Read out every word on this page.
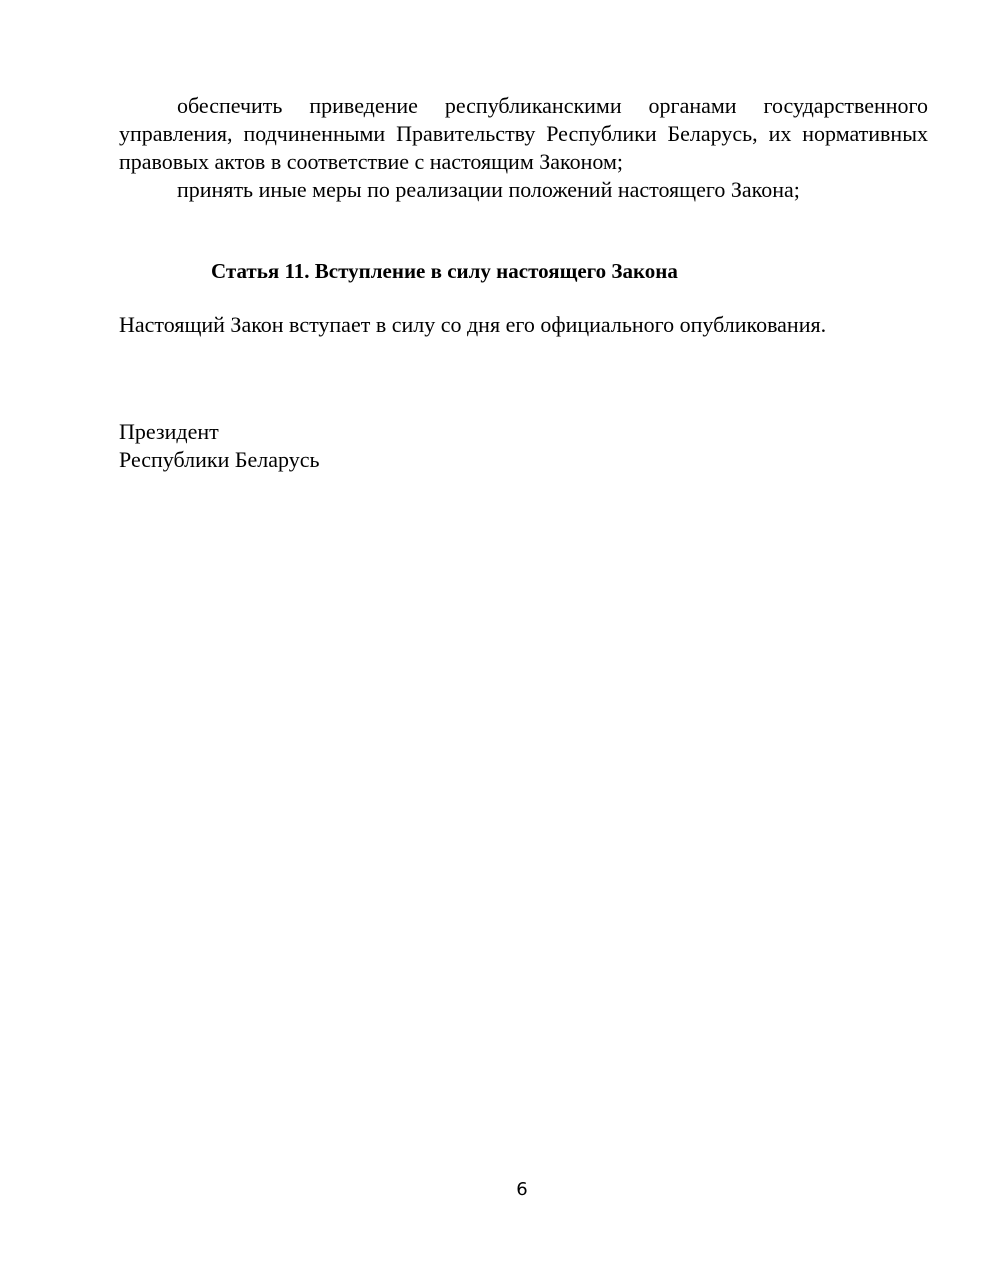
обеспечить приведение республиканскими органами государственного управления, подчиненными Правительству Республики Беларусь, их нормативных правовых актов в соответствие с настоящим Законом;

принять иные меры по реализации положений настоящего Закона;

Статья 11. Вступление в силу настоящего Закона

Настоящий Закон вступает в силу со дня его официального опубликования.

Президент

Республики Беларусь

6
